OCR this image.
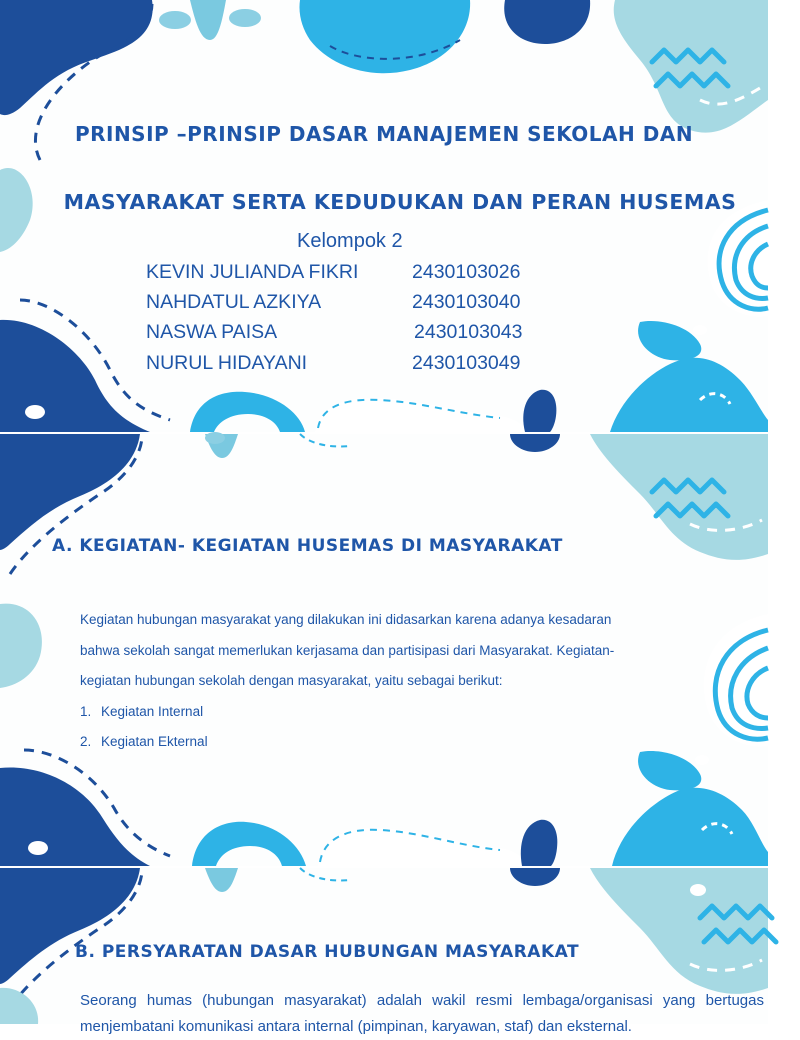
PRINSIP –PRINSIP DASAR MANAJEMEN SEKOLAH DAN
MASYARAKAT SERTA KEDUDUKAN DAN PERAN HUSEMAS
Kelompok 2
KEVIN JULIANDA FIKRI	2430103026
NAHDATUL AZKIYA	2430103040
NASWA PAISA	2430103043
NURUL HIDAYANI	2430103049
A. KEGIATAN- KEGIATAN HUSEMAS DI MASYARAKAT
Kegiatan hubungan masyarakat yang dilakukan ini didasarkan karena adanya kesadaran
bahwa sekolah sangat memerlukan kerjasama dan partisipasi dari Masyarakat. Kegiatan-
kegiatan hubungan sekolah dengan masyarakat, yaitu sebagai berikut:
1. Kegiatan Internal
2. Kegiatan Ekternal
B. PERSYARATAN DASAR HUBUNGAN MASYARAKAT
Seorang humas (hubungan masyarakat) adalah wakil resmi lembaga/organisasi yang bertugas menjembatani komunikasi antara internal (pimpinan, karyawan, staf) dan eksternal.
